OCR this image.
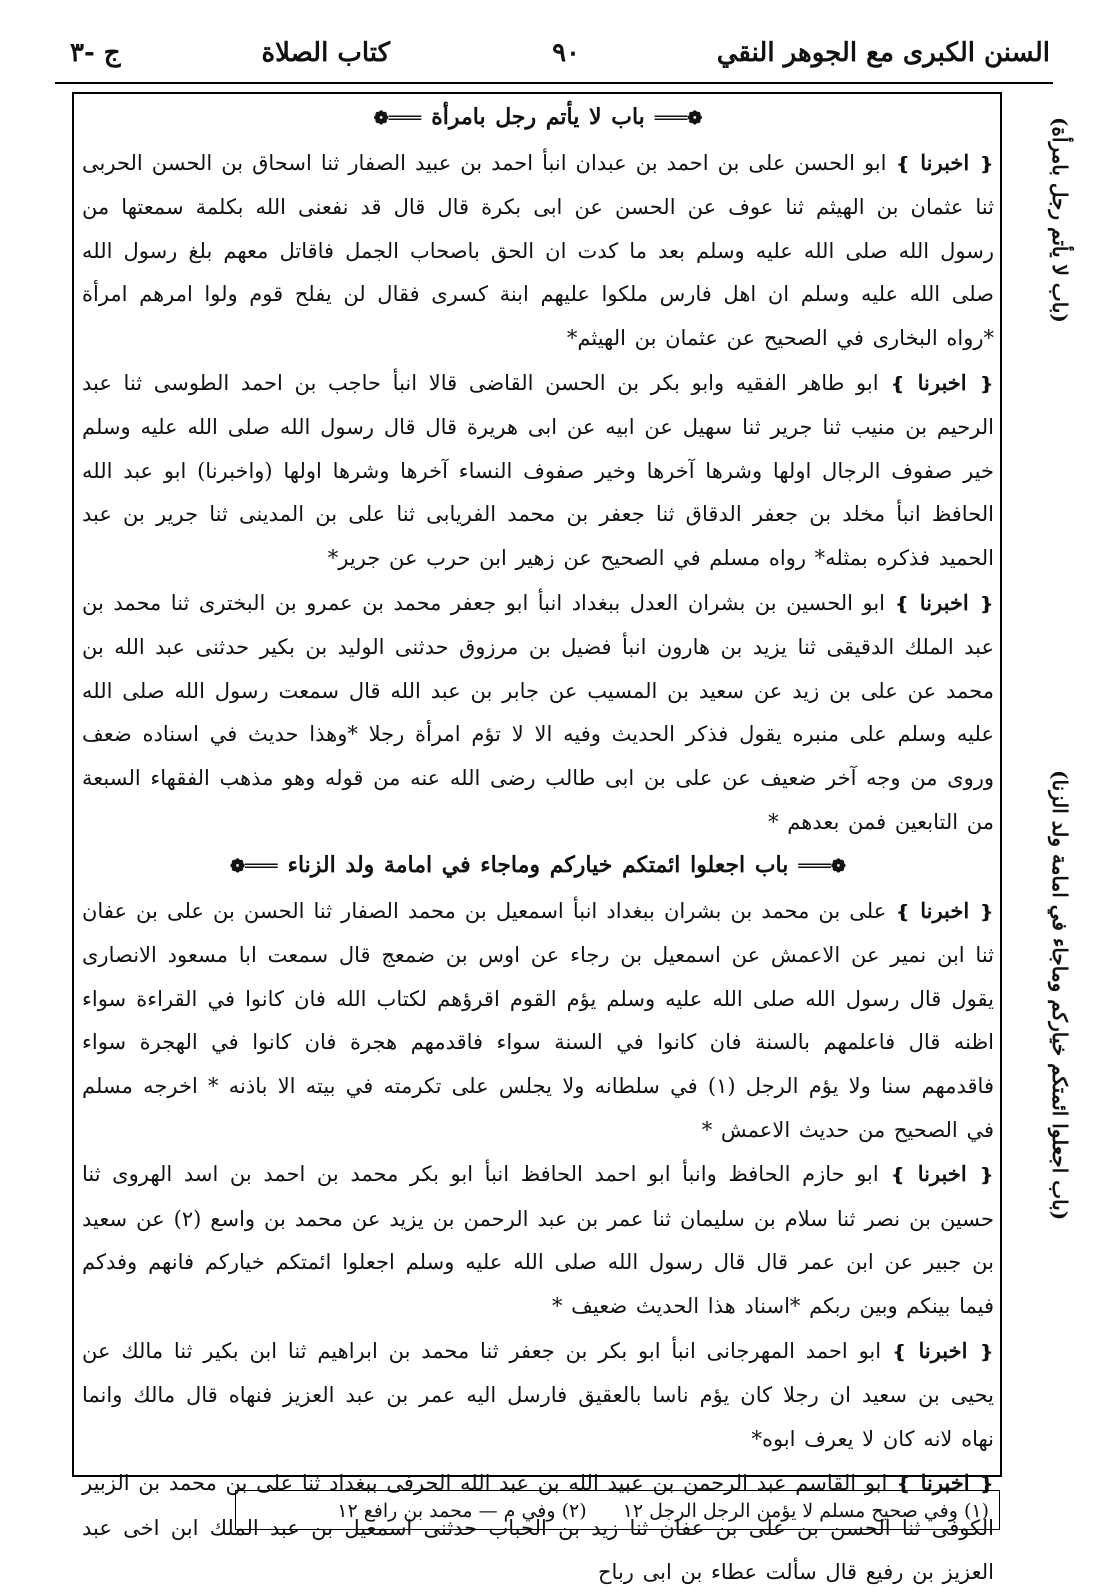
السنن الكبرى مع الجوهر النقي
٩٠
كتاب الصلاة
ج -٣

❁═══باب لا يأتم رجل بامرأة═══❁

❴ اخبرنا ❵ ابو الحسن على بن احمد بن عبدان انبأ احمد بن عبيد الصفار ثنا اسحاق بن الحسن الحربى ثنا عثمان بن الهيثم ثنا عوف عن الحسن عن ابى بكرة قال قال قد نفعنى الله بكلمة سمعتها من رسول الله صلى الله عليه وسلم بعد ما كدت ان الحق باصحاب الجمل فاقاتل معهم بلغ رسول الله صلى الله عليه وسلم ان اهل فارس ملكوا عليهم ابنة كسرى فقال لن يفلح قوم ولوا امرهم امرأة *رواه البخارى في الصحيح عن عثمان بن الهيثم*

❴ اخبرنا ❵ ابو طاهر الفقيه وابو بكر بن الحسن القاضى قالا انبأ حاجب بن احمد الطوسى ثنا عبد الرحيم بن منيب ثنا جرير ثنا سهيل عن ابيه عن ابى هريرة قال قال رسول الله صلى الله عليه وسلم خير صفوف الرجال اولها وشرها آخرها وخير صفوف النساء آخرها وشرها اولها (واخبرنا) ابو عبد الله الحافظ انبأ مخلد بن جعفر الدقاق ثنا جعفر بن محمد الفريابى ثنا على بن المدينى ثنا جرير بن عبد الحميد فذكره بمثله* رواه مسلم في الصحيح عن زهير ابن حرب عن جرير*

❴ اخبرنا ❵ ابو الحسين بن بشران العدل ببغداد انبأ ابو جعفر محمد بن عمرو بن البخترى ثنا محمد بن عبد الملك الدقيقى ثنا يزيد بن هارون انبأ فضيل بن مرزوق حدثنى الوليد بن بكير حدثنى عبد الله بن محمد عن على بن زيد عن سعيد بن المسيب عن جابر بن عبد الله قال سمعت رسول الله صلى الله عليه وسلم على منبره يقول فذكر الحديث وفيه الا لا تؤم امرأة رجلا *وهذا حديث في اسناده ضعف وروى من وجه آخر ضعيف عن على بن ابى طالب رضى الله عنه من قوله وهو مذهب الفقهاء السبعة من التابعين فمن بعدهم *

❁═══باب اجعلوا ائمتكم خياركم وماجاء في امامة ولد الزناء═══❁

❴ اخبرنا ❵ على بن محمد بن بشران ببغداد انبأ اسمعيل بن محمد الصفار ثنا الحسن بن على بن عفان ثنا ابن نمير عن الاعمش عن اسمعيل بن رجاء عن اوس بن ضمعج قال سمعت ابا مسعود الانصارى يقول قال رسول الله صلى الله عليه وسلم يؤم القوم اقرؤهم لكتاب الله فان كانوا في القراءة سواء اظنه قال فاعلمهم بالسنة فان كانوا في السنة سواء فاقدمهم هجرة فان كانوا في الهجرة سواء فاقدمهم سنا ولا يؤم الرجل (١) في سلطانه ولا يجلس على تكرمته في بيته الا باذنه * اخرجه مسلم في الصحيح من حديث الاعمش *

❴ اخبرنا ❵ ابو حازم الحافظ وانبأ ابو احمد الحافظ انبأ ابو بكر محمد بن احمد بن اسد الهروى ثنا حسين بن نصر ثنا سلام بن سليمان ثنا عمر بن عبد الرحمن بن يزيد عن محمد بن واسع (٢) عن سعيد بن جبير عن ابن عمر قال قال رسول الله صلى الله عليه وسلم اجعلوا ائمتكم خياركم فانهم وفدكم فيما بينكم وبين ربكم *اسناد هذا الحديث ضعيف *

❴ اخبرنا ❵ ابو احمد المهرجانى انبأ ابو بكر بن جعفر ثنا محمد بن ابراهيم ثنا ابن بكير ثنا مالك عن يحيى بن سعيد ان رجلا كان يؤم ناسا بالعقيق فارسل اليه عمر بن عبد العزيز فنهاه قال مالك وانما نهاه لانه كان لا يعرف ابوه*

❴ اخبرنا ❵ ابو القاسم عبد الرحمن بن عبيد الله بن عبد الله الحرفى ببغداد ثنا على بن محمد بن الزبير الكوفى ثنا الحسن بن على بن عفان ثنا زيد بن الحباب حدثنى اسمعيل بن عبد الملك ابن اخى عبد العزيز بن رفيع قال سألت عطاء بن ابى رباح

(باب لا يأتم رجل بامرأة)
(باب اجعلوا ائمتكم خياركم وماجاء في امامة ولد الزنا)
(١) وفي صحيح مسلم لا يؤمن الرجل الرجل ١٢ (٢) وفي م — محمد بن رافع ١٢
